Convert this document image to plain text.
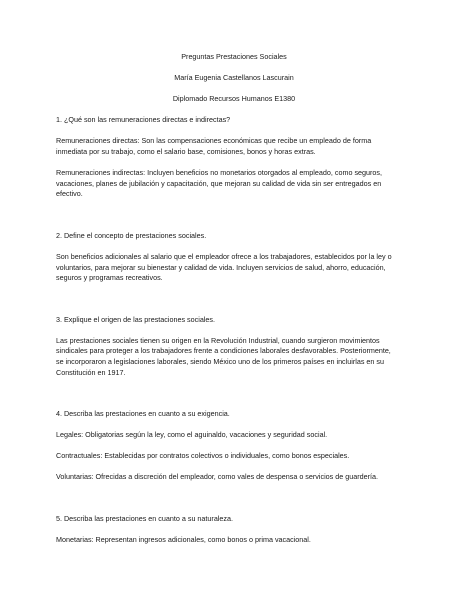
Preguntas Prestaciones Sociales

María Eugenia Castellanos Lascurain

Diplomado Recursos Humanos E1380

1. ¿Qué son las remuneraciones directas e indirectas?

Remuneraciones directas: Son las compensaciones económicas que recibe un empleado de forma

inmediata por su trabajo, como el salario base, comisiones, bonos y horas extras.

Remuneraciones indirectas: Incluyen beneficios no monetarios otorgados al empleado, como seguros,

vacaciones, planes de jubilación y capacitación, que mejoran su calidad de vida sin ser entregados en

efectivo.

2. Define el concepto de prestaciones sociales.

Son beneficios adicionales al salario que el empleador ofrece a los trabajadores, establecidos por la ley o

voluntarios, para mejorar su bienestar y calidad de vida. Incluyen servicios de salud, ahorro, educación,

seguros y programas recreativos.

3. Explique el origen de las prestaciones sociales.

Las prestaciones sociales tienen su origen en la Revolución Industrial, cuando surgieron movimientos

sindicales para proteger a los trabajadores frente a condiciones laborales desfavorables. Posteriormente,

se incorporaron a legislaciones laborales, siendo México uno de los primeros países en incluirlas en su

Constitución en 1917.

4. Describa las prestaciones en cuanto a su exigencia.

Legales: Obligatorias según la ley, como el aguinaldo, vacaciones y seguridad social.

Contractuales: Establecidas por contratos colectivos o individuales, como bonos especiales.

Voluntarias: Ofrecidas a discreción del empleador, como vales de despensa o servicios de guardería.

5. Describa las prestaciones en cuanto a su naturaleza.

Monetarias: Representan ingresos adicionales, como bonos o prima vacacional.
